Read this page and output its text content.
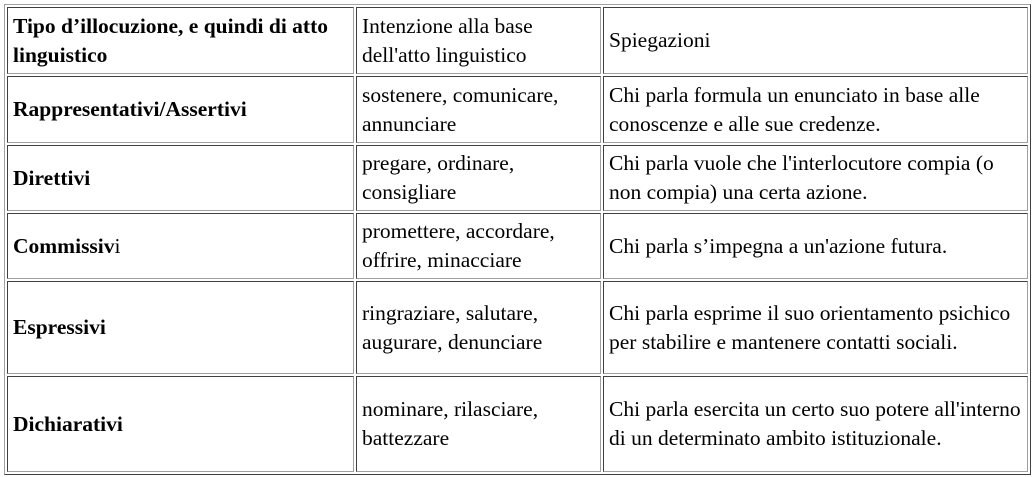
Tipo d’illocuzione, e quindi di atto linguistico	Intenzione alla base dell'atto linguistico	Spiegazioni
Rappresentativi/Assertivi	sostenere, comunicare, annunciare	Chi parla formula un enunciato in base alle conoscenze e alle sue credenze.
Direttivi	pregare, ordinare, consigliare	Chi parla vuole che l'interlocutore compia (o non compia) una certa azione.
Commissivi	promettere, accordare, offrire, minacciare	Chi parla s’impegna a un'azione futura.
Espressivi	ringraziare, salutare, augurare, denunciare	Chi parla esprime il suo orientamento psichico per stabilire e mantenere contatti sociali.
Dichiarativi	nominare, rilasciare, battezzare	Chi parla esercita un certo suo potere all'interno di un determinato ambito istituzionale.
